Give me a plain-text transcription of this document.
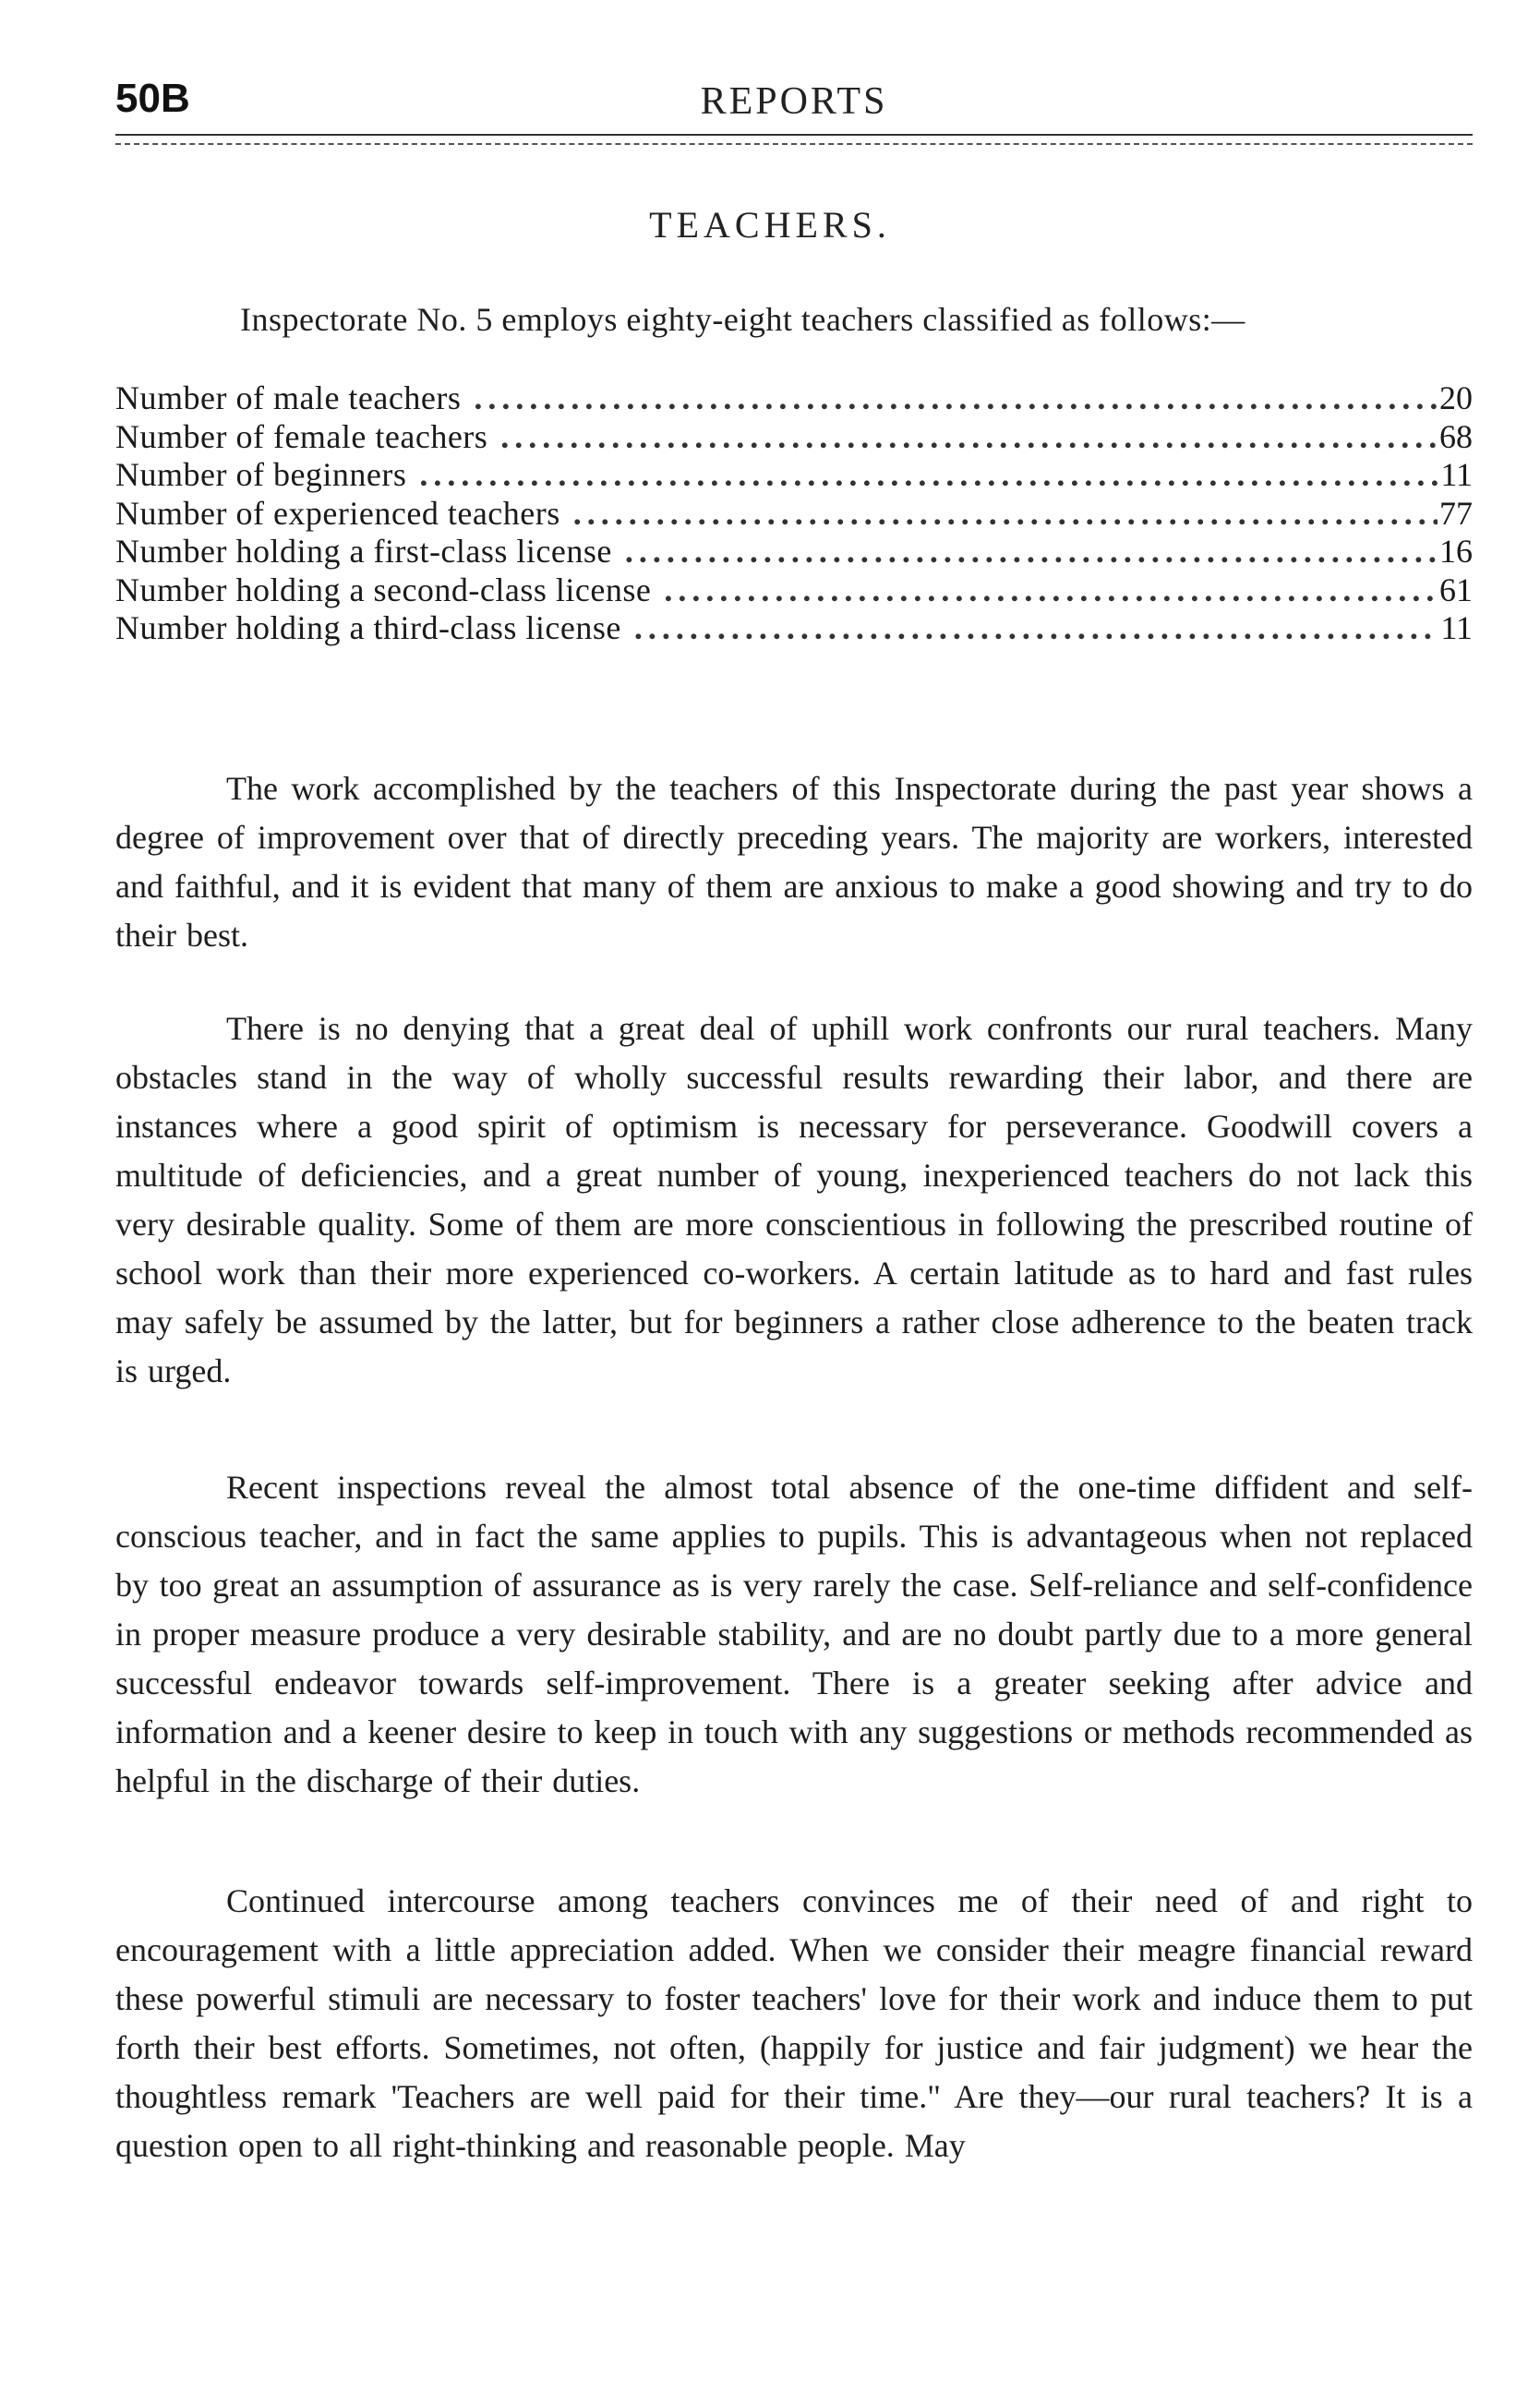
50B	REPORTS
TEACHERS.
Inspectorate No. 5 employs eighty-eight teachers classified as follows:—
Number of male teachers .....	20
Number of female teachers .....	68
Number of beginners .....	11
Number of experienced teachers .....	77
Number holding a first-class license .....	16
Number holding a second-class license .....	61
Number holding a third-class license .....	11

The work accomplished by the teachers of this Inspectorate during the past year shows a degree of improvement over that of directly preceding years. The majority are workers, interested and faithful, and it is evident that many of them are anxious to make a good showing and try to do their best.

There is no denying that a great deal of uphill work confronts our rural teachers. Many obstacles stand in the way of wholly successful results rewarding their labor, and there are instances where a good spirit of optimism is necessary for perseverance. Goodwill covers a multitude of deficiencies, and a great number of young, inexperienced teachers do not lack this very desirable quality. Some of them are more conscientious in following the prescribed routine of school work than their more experienced co-workers. A certain latitude as to hard and fast rules may safely be assumed by the latter, but for beginners a rather close adherence to the beaten track is urged.

Recent inspections reveal the almost total absence of the one-time diffident and self-conscious teacher, and in fact the same applies to pupils. This is advantageous when not replaced by too great an assumption of assurance as is very rarely the case. Self-reliance and self-confidence in proper measure produce a very desirable stability, and are no doubt partly due to a more general successful endeavor towards self-improvement. There is a greater seeking after advice and information and a keener desire to keep in touch with any suggestions or methods recommended as helpful in the discharge of their duties.

Continued intercourse among teachers convinces me of their need of and right to encouragement with a little appreciation added. When we consider their meagre financial reward these powerful stimuli are necessary to foster teachers' love for their work and induce them to put forth their best efforts. Sometimes, not often, (happily for justice and fair judgment) we hear the thoughtless remark 'Teachers are well paid for their time." Are they—our rural teachers? It is a question open to all right-thinking and reasonable people. May
